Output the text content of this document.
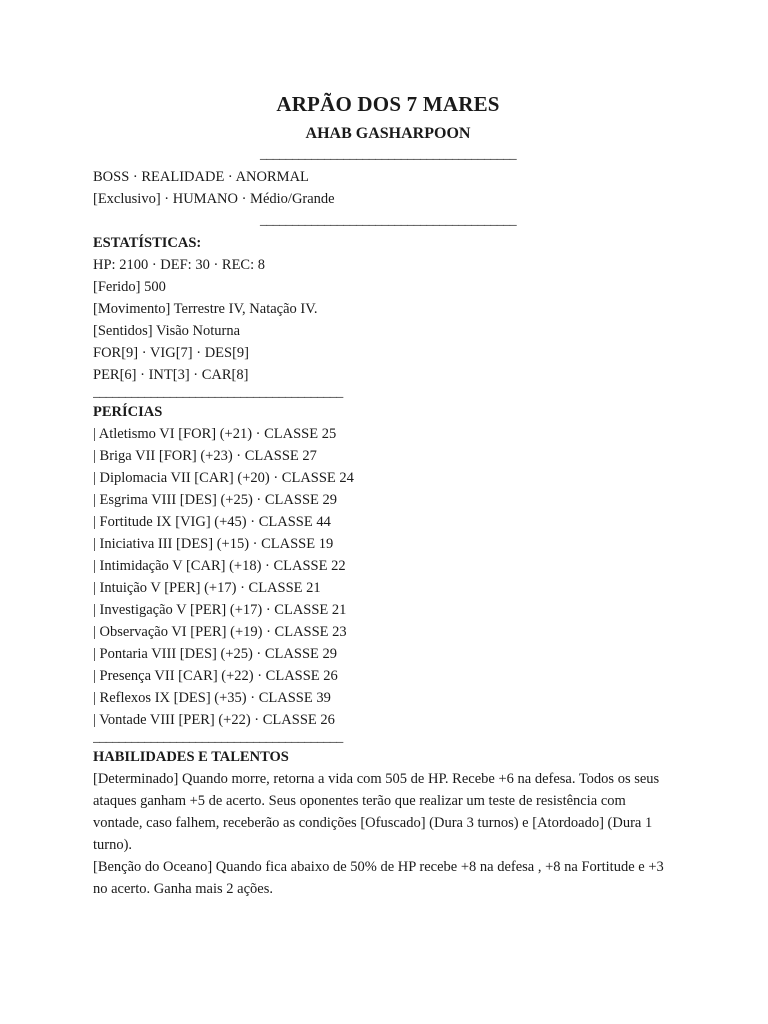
ARPÃO DOS 7 MARES
AHAB GASHARPOON
________________________________________

BOSS · REALIDADE · ANORMAL

[Exclusivo] · HUMANO · Médio/Grande

________________________________________

ESTATÍSTICAS:

HP: 2100 · DEF: 30 · REC: 8

[Ferido] 500

[Movimento] Terrestre IV, Natação IV.

[Sentidos] Visão Noturna

FOR[9] · VIG[7] · DES[9]

PER[6] · INT[3] · CAR[8]

_______________________________________

PERÍCIAS

| Atletismo VI [FOR] (+21) · CLASSE 25

| Briga VII [FOR] (+23) · CLASSE 27

| Diplomacia VII [CAR] (+20) · CLASSE 24

| Esgrima VIII [DES] (+25) · CLASSE 29

| Fortitude IX [VIG] (+45) · CLASSE 44

| Iniciativa III [DES] (+15) · CLASSE 19

| Intimidação V [CAR] (+18) · CLASSE 22

| Intuição V [PER] (+17) · CLASSE 21

| Investigação V [PER] (+17) · CLASSE 21

| Observação VI [PER] (+19) · CLASSE 23

| Pontaria VIII [DES] (+25) · CLASSE 29

| Presença VII [CAR] (+22) · CLASSE 26

| Reflexos IX [DES] (+35) · CLASSE 39

| Vontade VIII [PER] (+22) · CLASSE 26

_______________________________________

HABILIDADES E TALENTOS

[Determinado] Quando morre, retorna a vida com 505 de HP. Recebe +6 na defesa. Todos os seus ataques ganham +5 de acerto. Seus oponentes terão que realizar um teste de resistência com vontade, caso falhem, receberão as condições [Ofuscado] (Dura 3 turnos) e [Atordoado] (Dura 1 turno).

[Benção do Oceano] Quando fica abaixo de 50% de HP recebe +8 na defesa , +8 na Fortitude e +3 no acerto. Ganha mais 2 ações.
